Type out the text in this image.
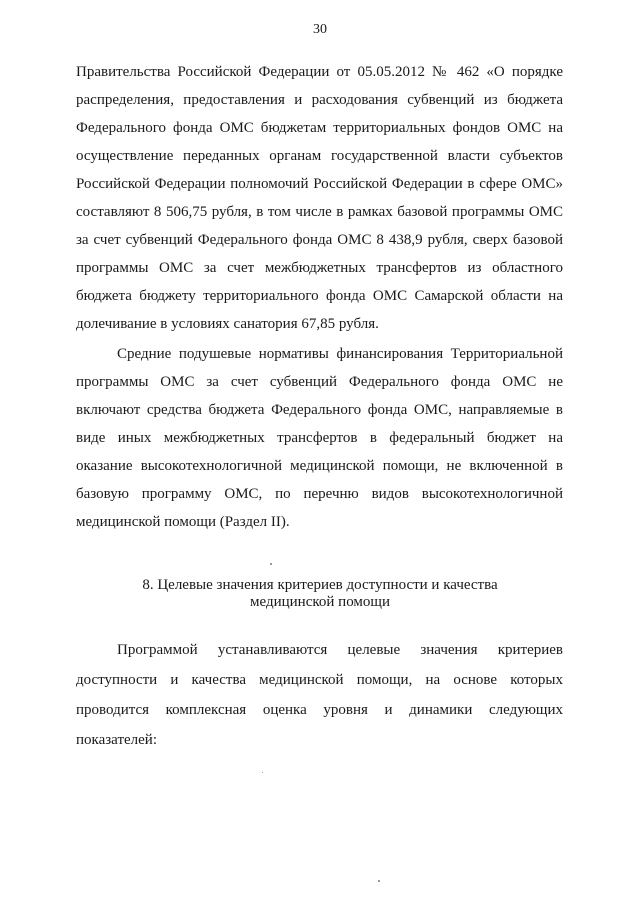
30
Правительства Российской Федерации от 05.05.2012 № 462 «О порядке
распределения, предоставления и расходования субвенций из бюджета
Федерального фонда ОМС бюджетам территориальных фондов ОМС на
осуществление переданных органам государственной власти субъектов
Российской Федерации полномочий Российской Федерации в сфере ОМС»
составляют 8 506,75 рубля, в том числе в рамках базовой программы ОМС
за счет субвенций Федерального фонда ОМС 8 438,9 рубля, сверх базовой
программы ОМС за счет межбюджетных трансфертов из областного
бюджета бюджету территориального фонда ОМС Самарской области на
долечивание в условиях санатория 67,85 рубля.
Средние подушевые нормативы финансирования Территориальной
программы ОМС за счет субвенций Федерального фонда ОМС не
включают средства бюджета Федерального фонда ОМС, направляемые в
виде иных межбюджетных трансфертов в федеральный бюджет на
оказание высокотехнологичной медицинской помощи, не включенной в
базовую программу ОМС, по перечню видов высокотехнологичной
медицинской помощи (Раздел II).
8. Целевые значения критериев доступности и качества
медицинской помощи
Программой устанавливаются целевые значения критериев
доступности и качества медицинской помощи, на основе которых
проводится комплексная оценка уровня и динамики следующих
показателей:
